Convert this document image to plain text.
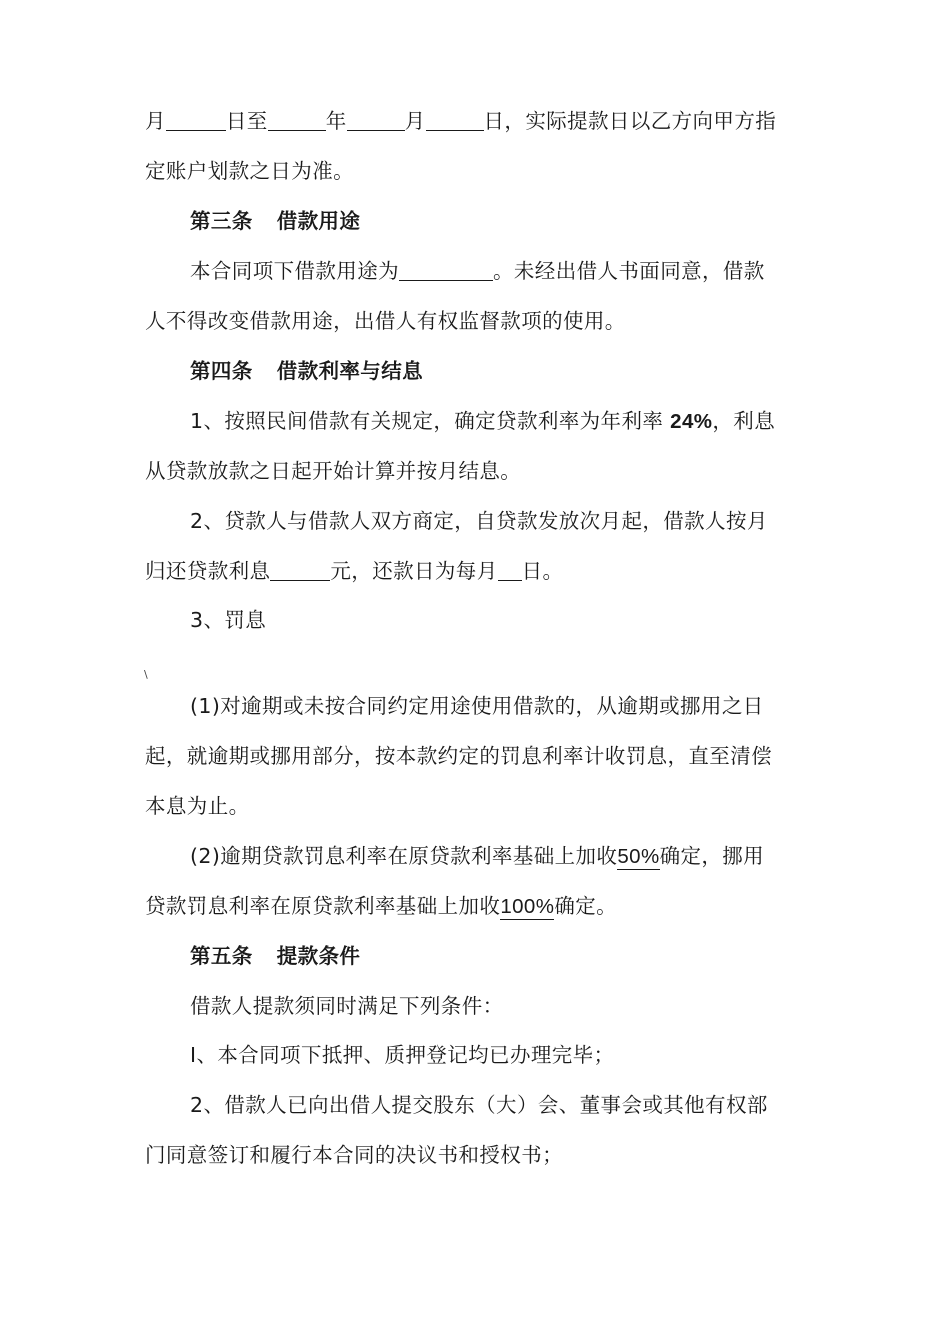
月	日至	年	月	日，实际提款日以乙方向甲方指
定账户划款之日为准。
第三条 借款用途
本合同项下借款用途为	。未经出借人书面同意，借款
人不得改变借款用途，出借人有权监督款项的使用。
第四条 借款利率与结息
1、按照民间借款有关规定，确定贷款利率为年利率 24%，利息
从贷款放款之日起开始计算并按月结息。
2、贷款人与借款人双方商定，自贷款发放次月起，借款人按月
归还贷款利息	元，还款日为每月 日。
3、罚息
\
(1)对逾期或未按合同约定用途使用借款的，从逾期或挪用之日
起，就逾期或挪用部分，按本款约定的罚息利率计收罚息，直至清偿
本息为止。
(2)逾期贷款罚息利率在原贷款利率基础上加收50%确定，挪用
贷款罚息利率在原贷款利率基础上加收100%确定。
第五条 提款条件
借款人提款须同时满足下列条件：
I、本合同项下抵押、质押登记均已办理完毕；
2、借款人已向出借人提交股东（大）会、董事会或其他有权部
门同意签订和履行本合同的决议书和授权书；
